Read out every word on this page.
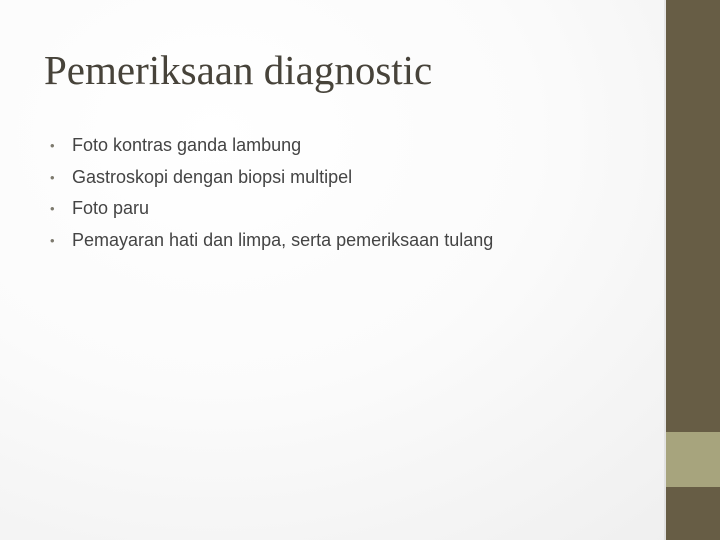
Pemeriksaan diagnostic
• Foto kontras ganda lambung
• Gastroskopi dengan biopsi multipel
• Foto paru
• Pemayaran hati dan limpa, serta pemeriksaan tulang
